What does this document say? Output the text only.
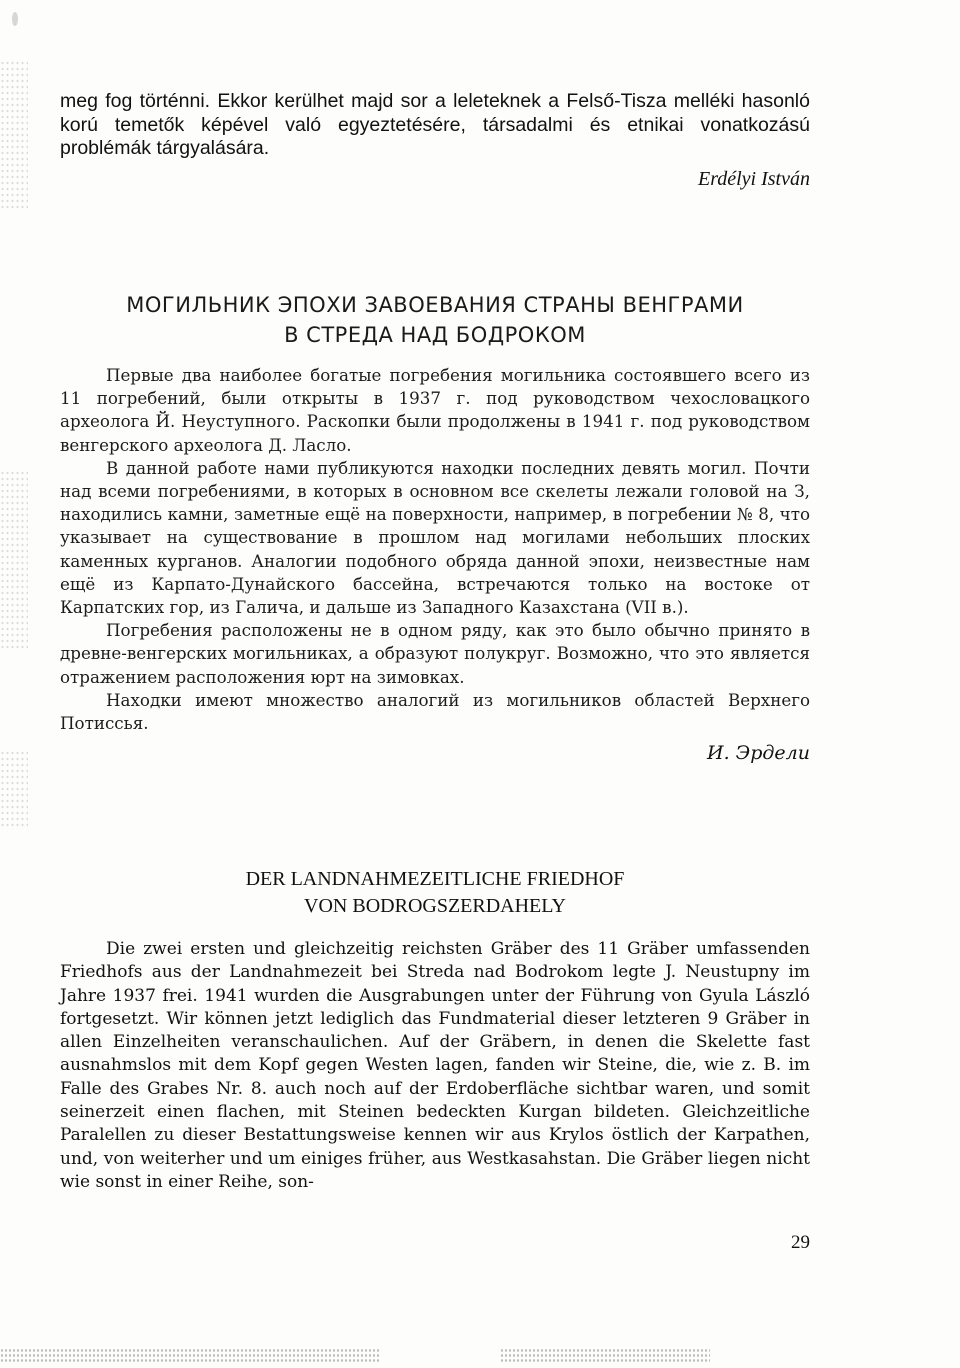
meg fog történni. Ekkor kerülhet majd sor a leleteknek a Felső-Tisza melléki hasonló korú temetők képével való egyeztetésére, társadalmi és etnikai vonatkozású problémák tárgyalására.
Erdélyi István
МОГИЛЬНИК ЭПОХИ ЗАВОЕВАНИЯ СТРАНЫ ВЕНГРАМИ
В СТРЕДА НАД БОДРОКОМ

Первые два наиболее богатые погребения могильника состоявшего всего из 11 погребений, были открыты в 1937 г. под руководством чехословацкого археолога Й. Неуступного. Раскопки были продолжены в 1941 г. под руководством венгерского археолога Д. Ласло.

В данной работе нами публикуются находки последних девять могил. Почти над всеми погребениями, в которых в основном все скелеты лежали головой на З, находились камни, заметные ещё на поверхности, например, в погребении № 8, что указывает на существование в прошлом над могилами небольших плоских каменных курганов. Аналогии подобного обряда данной эпохи, неизвестные нам ещё из Карпато-Дунайского бассейна, встречаются только на востоке от Карпатских гор, из Галича, и дальше из Западного Казахстана (VII в.).

Погребения расположены не в одном ряду, как это было обычно принято в древне-венгерских могильниках, а образуют полукруг. Возможно, что это является отражением расположения юрт на зимовках.

Находки имеют множество аналогий из могильников областей Верхнего Потиссья.

И. Эрдели
DER LANDNAHMEZEITLICHE FRIEDHOF
VON BODROGSZERDAHELY

Die zwei ersten und gleichzeitig reichsten Gräber des 11 Gräber umfassenden Friedhofs aus der Landnahmezeit bei Streda nad Bodrokom legte J. Neustupny im Jahre 1937 frei. 1941 wurden die Ausgrabungen unter der Führung von Gyula László fortgesetzt. Wir können jetzt lediglich das Fundmaterial dieser letzteren 9 Gräber in allen Einzelheiten veranschaulichen. Auf der Gräbern, in denen die Skelette fast ausnahmslos mit dem Kopf gegen Westen lagen, fanden wir Steine, die, wie z. B. im Falle des Grabes Nr. 8. auch noch auf der Erdoberfläche sichtbar waren, und somit seinerzeit einen flachen, mit Steinen bedeckten Kurgan bildeten. Gleichzeitliche Paralellen zu dieser Bestattungsweise kennen wir aus Krylos östlich der Karpathen, und, von weiterher und um einiges früher, aus Westkasahstan. Die Gräber liegen nicht wie sonst in einer Reihe, son-

29
